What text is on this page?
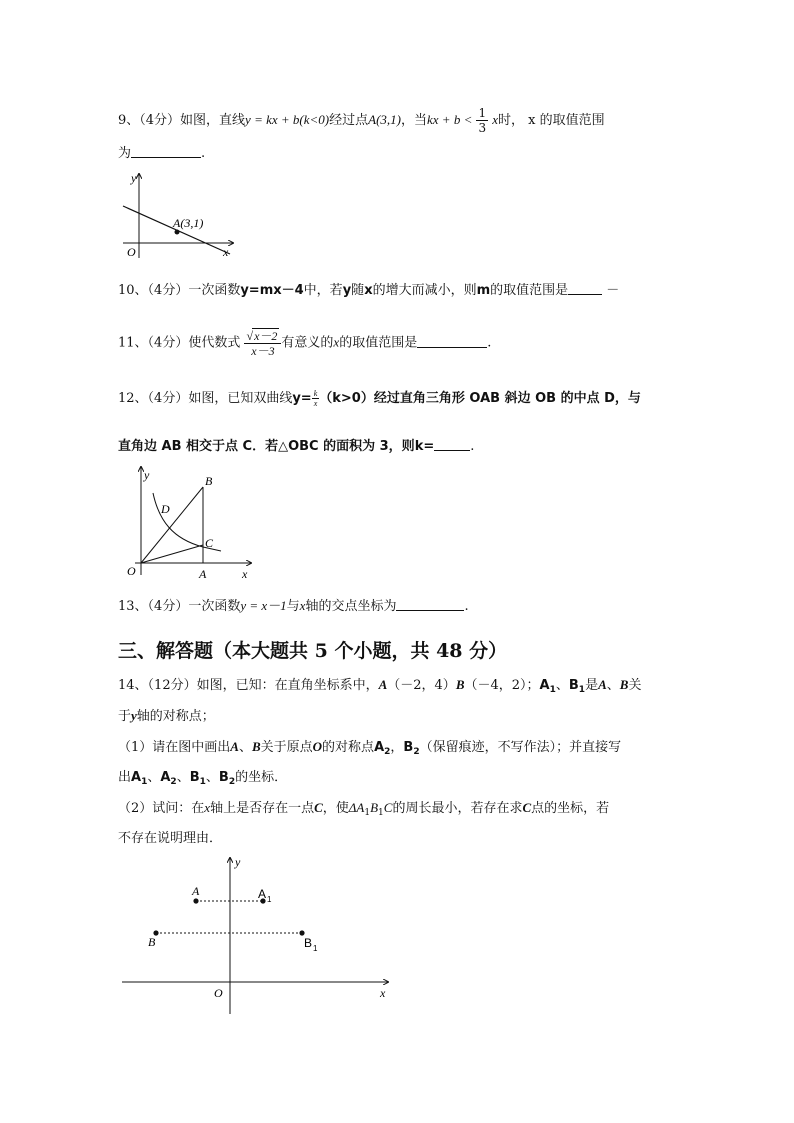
9、（4分）如图，直线y = kx + b(k<0)经过点A(3,1)，当kx + $b < \frac{1}{3}$ x时， x 的取值范围
为	.
y
x
O
A(3,1)
10、（4分）一次函数y=mx－4中，若y随x的增大而减小，则m的取值范围是	－
11、（4分）使代数式 $\frac{√x-2}{x-3}$ 有意义的x的取值范围是	.
12、（4分）如图，已知双曲线$y= \frac{k}{x} (k>0)$经过直角三角形 OAB 斜边 OB 的中点 D，与
直角边 AB 相交于点 C．若△OBC 的面积为 3，则k=	.
y
x
O	A
B
C
D
13、（4分）一次函数y = x－1与x轴的交点坐标为	.
三、解答题（本大题共 5 个小题，共 48 分）
14、（12分）如图，已知：在直角坐标系中，A（－2，4）B（－4，2）；$A_1$、$B_1$是A、B关
于y轴的对称点；
（1）请在图中画出A、B关于原点O的对称点$A_2$，$B_2$（保留痕迹，不写作法）；并直接写
出$A_1$、$A_2$、$B_1$、$B_2$的坐标．
（2）试问：在x轴上是否存在一点C，使$\Delta A_1B_1C$的周长最小，若存在求C点的坐标，若
不存在说明理由．
y
x
O
A	A 1
B	B 1
